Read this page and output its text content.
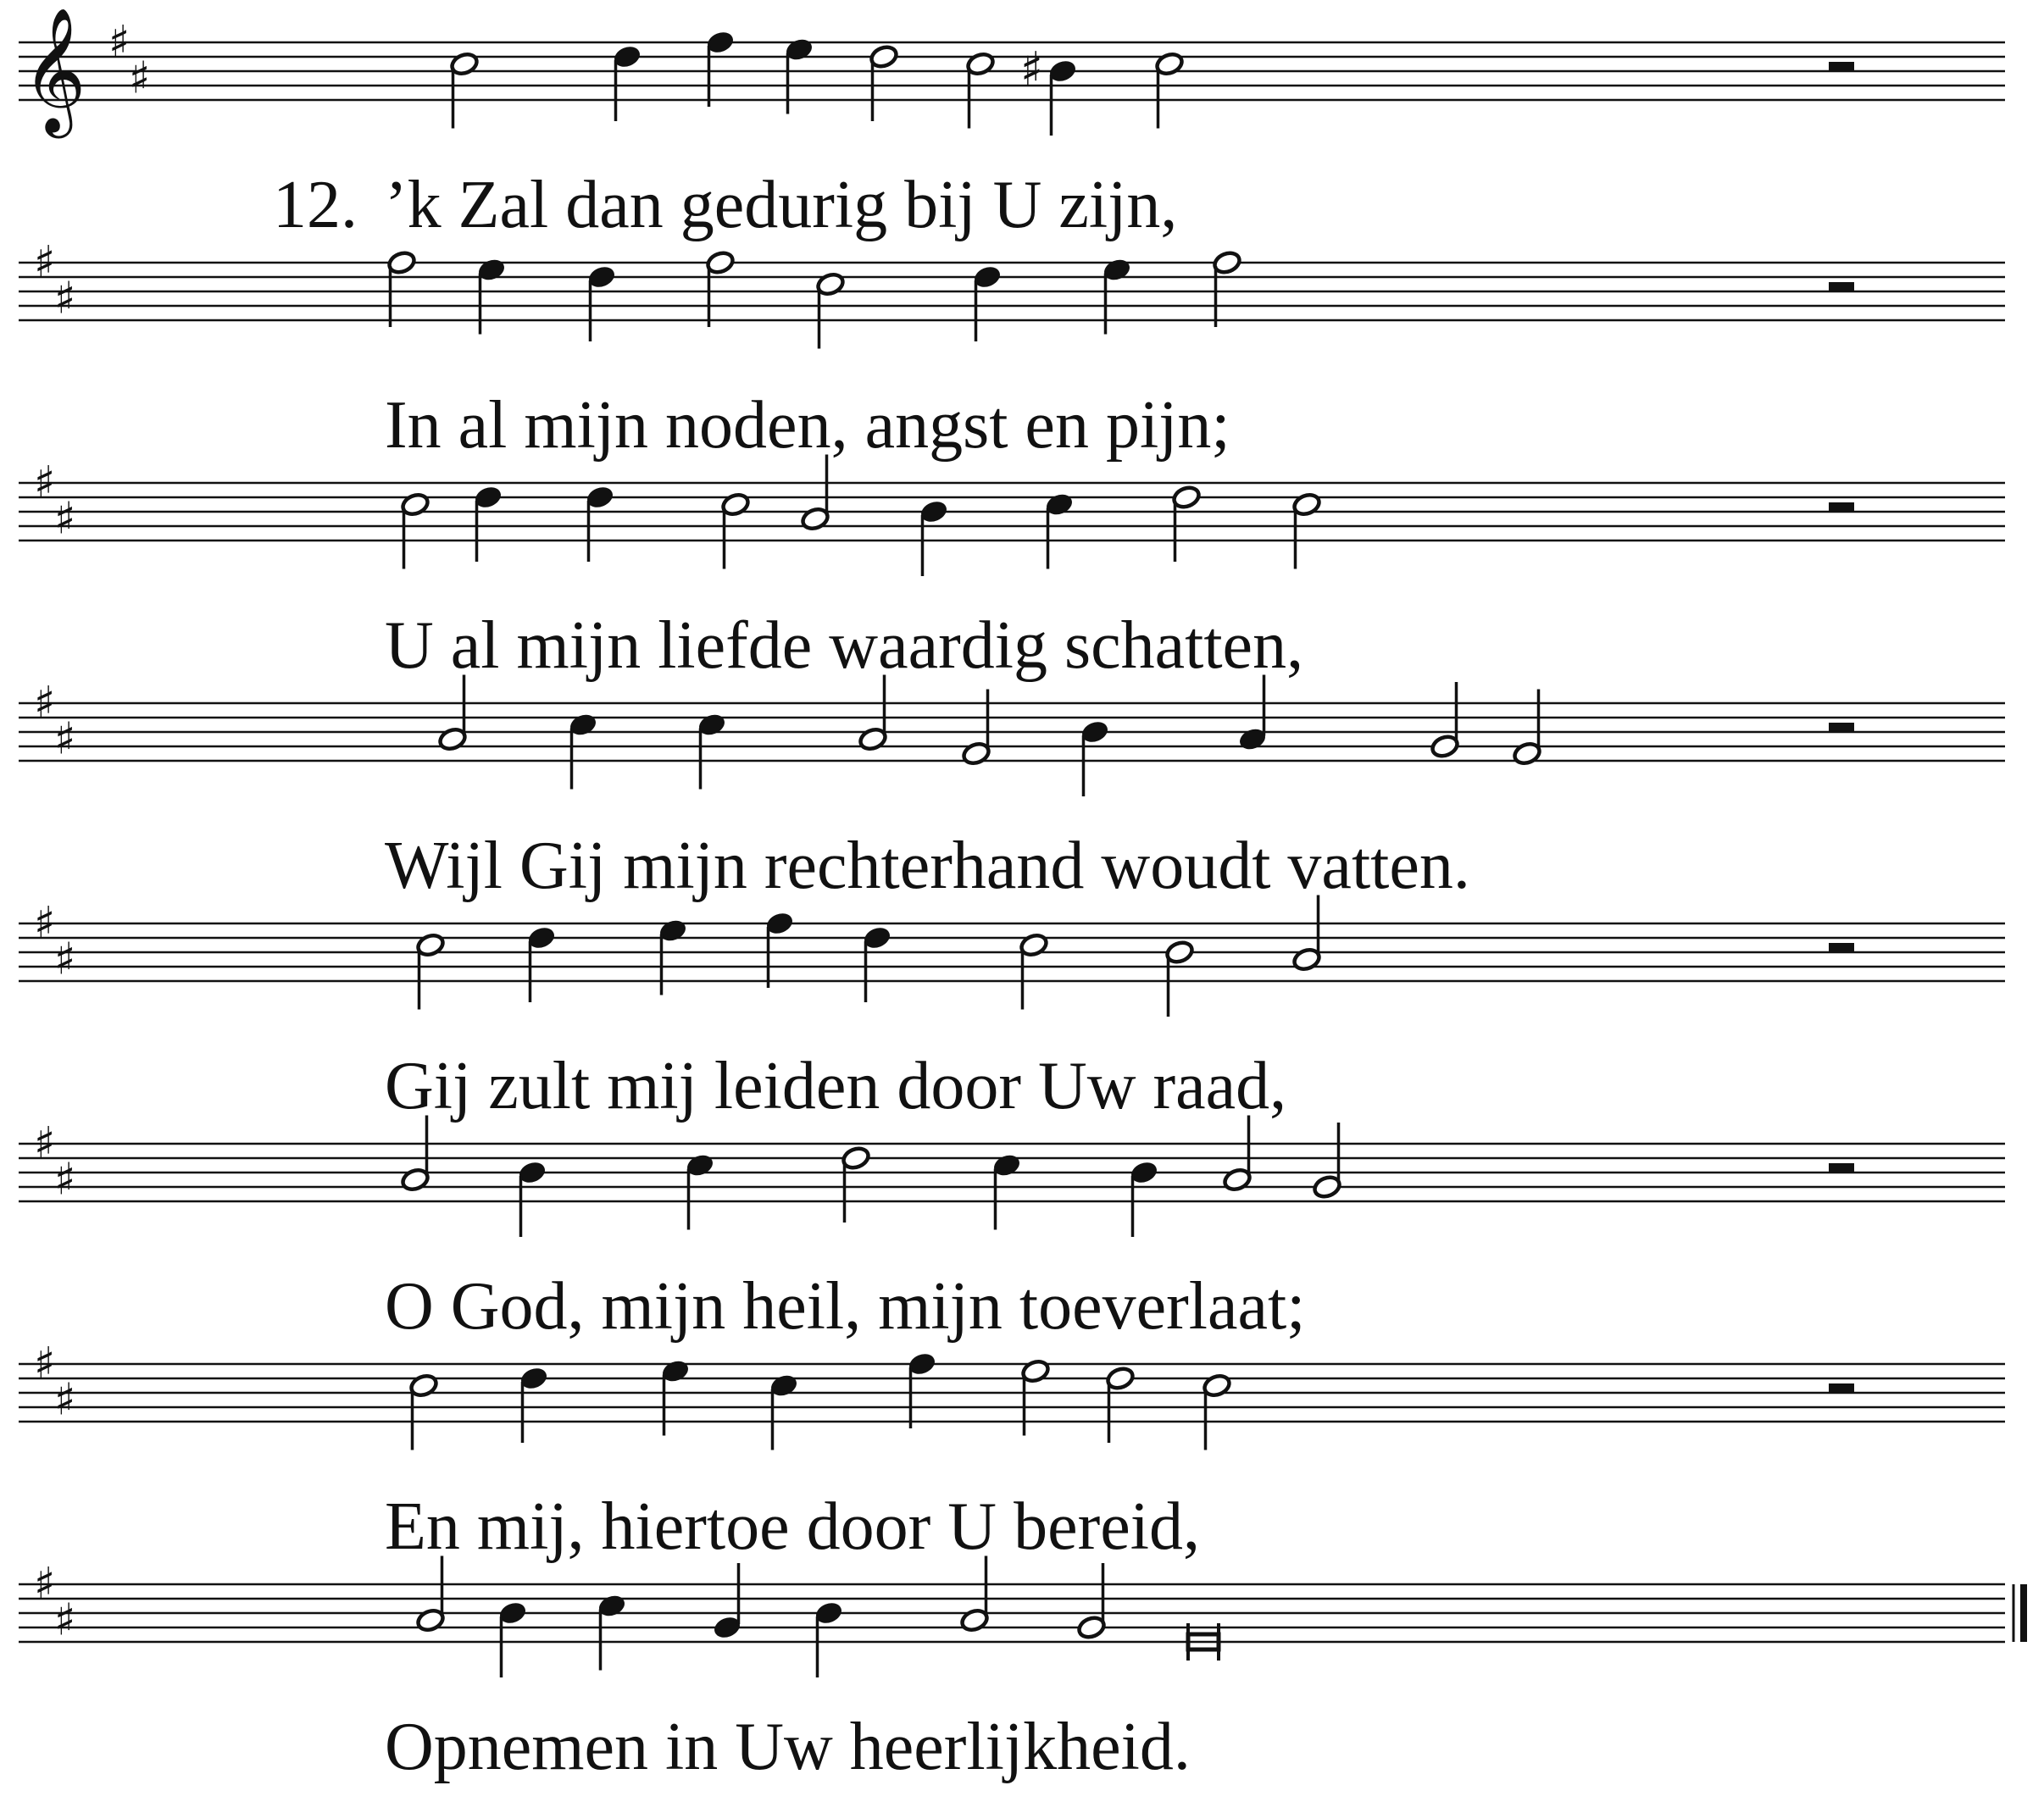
12.
𝄞 ♯
♯	♯
’k Zal dan gedurig bij U zijn,
♯
♯
In al mijn noden, angst en pijn;
♯
♯
U al mijn liefde waardig schatten,
♯
♯
Wijl Gij mijn rechterhand woudt vatten.
♯
♯
Gij zult mij leiden door Uw raad,
♯
♯
O God, mijn heil, mijn toeverlaat;
♯
♯
En mij, hiertoe door U bereid,
♯
♯
Opnemen in Uw heerlijkheid.
